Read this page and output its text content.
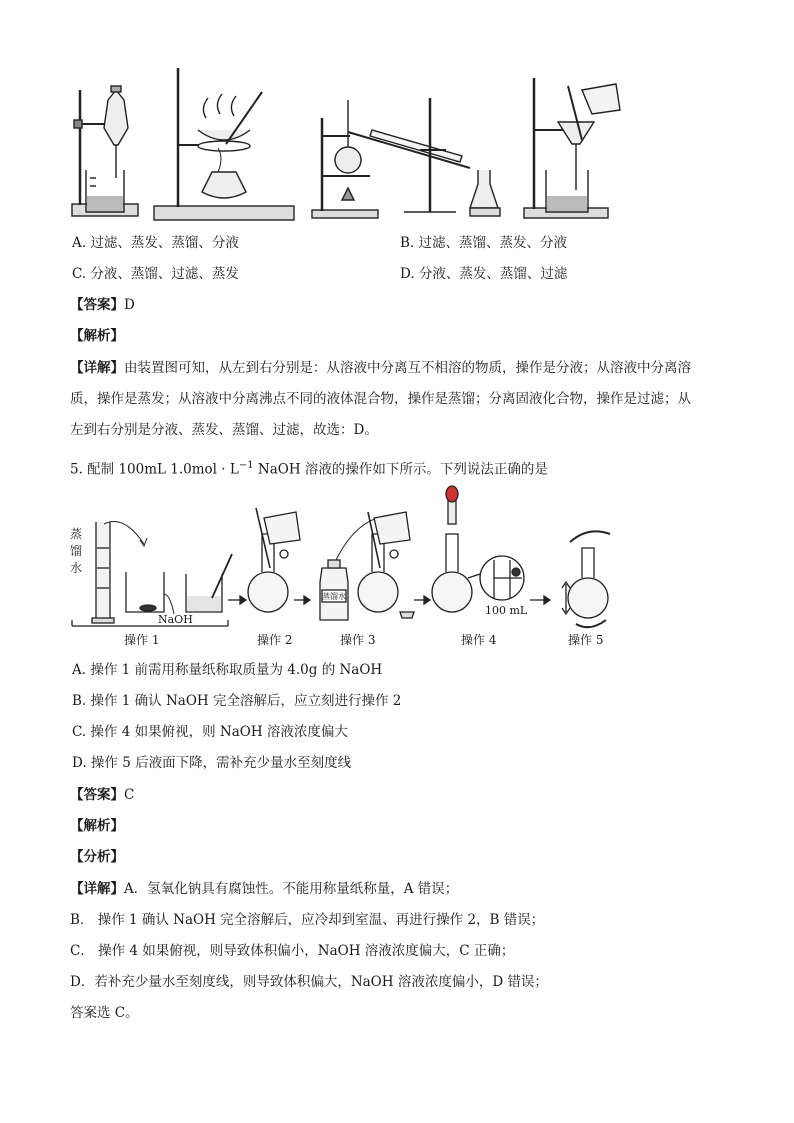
A. 过滤、蒸发、蒸馏、分液	B. 过滤、蒸馏、蒸发、分液
C. 分液、蒸馏、过滤、蒸发	D. 分液、蒸发、蒸馏、过滤
【答案】D
【解析】
【详解】由装置图可知，从左到右分别是：从溶液中分离互不相溶的物质，操作是分液；从溶液中分离溶
质，操作是蒸发；从溶液中分离沸点不同的液体混合物，操作是蒸馏；分离固液化合物，操作是过滤；从
左到右分别是分液、蒸发、蒸馏、过滤，故选：D。
5. 配制 100mL $1.0mol \cdot L^{-1}$ NaOH 溶液的操作如下所示。下列说法正确的是
蒸
馏
水
NaOH
蒸馏水
100 mL
操作 1	操作 2	操作 3	操作 4	操作 5
A. 操作 1 前需用称量纸称取质量为 4.0g 的 NaOH
B. 操作 1 确认 NaOH 完全溶解后，应立刻进行操作 2
C. 操作 4 如果俯视，则 NaOH 溶液浓度偏大
D. 操作 5 后液面下降，需补充少量水至刻度线
【答案】C
【解析】
【分析】
【详解】A．氢氧化钠具有腐蚀性。不能用称量纸称量，A 错误；
B． 操作 1 确认 NaOH 完全溶解后，应冷却到室温、再进行操作 2，B 错误；
C． 操作 4 如果俯视，则导致体积偏小，NaOH 溶液浓度偏大，C 正确；
D．若补充少量水至刻度线，则导致体积偏大，NaOH 溶液浓度偏小，D 错误；
答案选 C。
